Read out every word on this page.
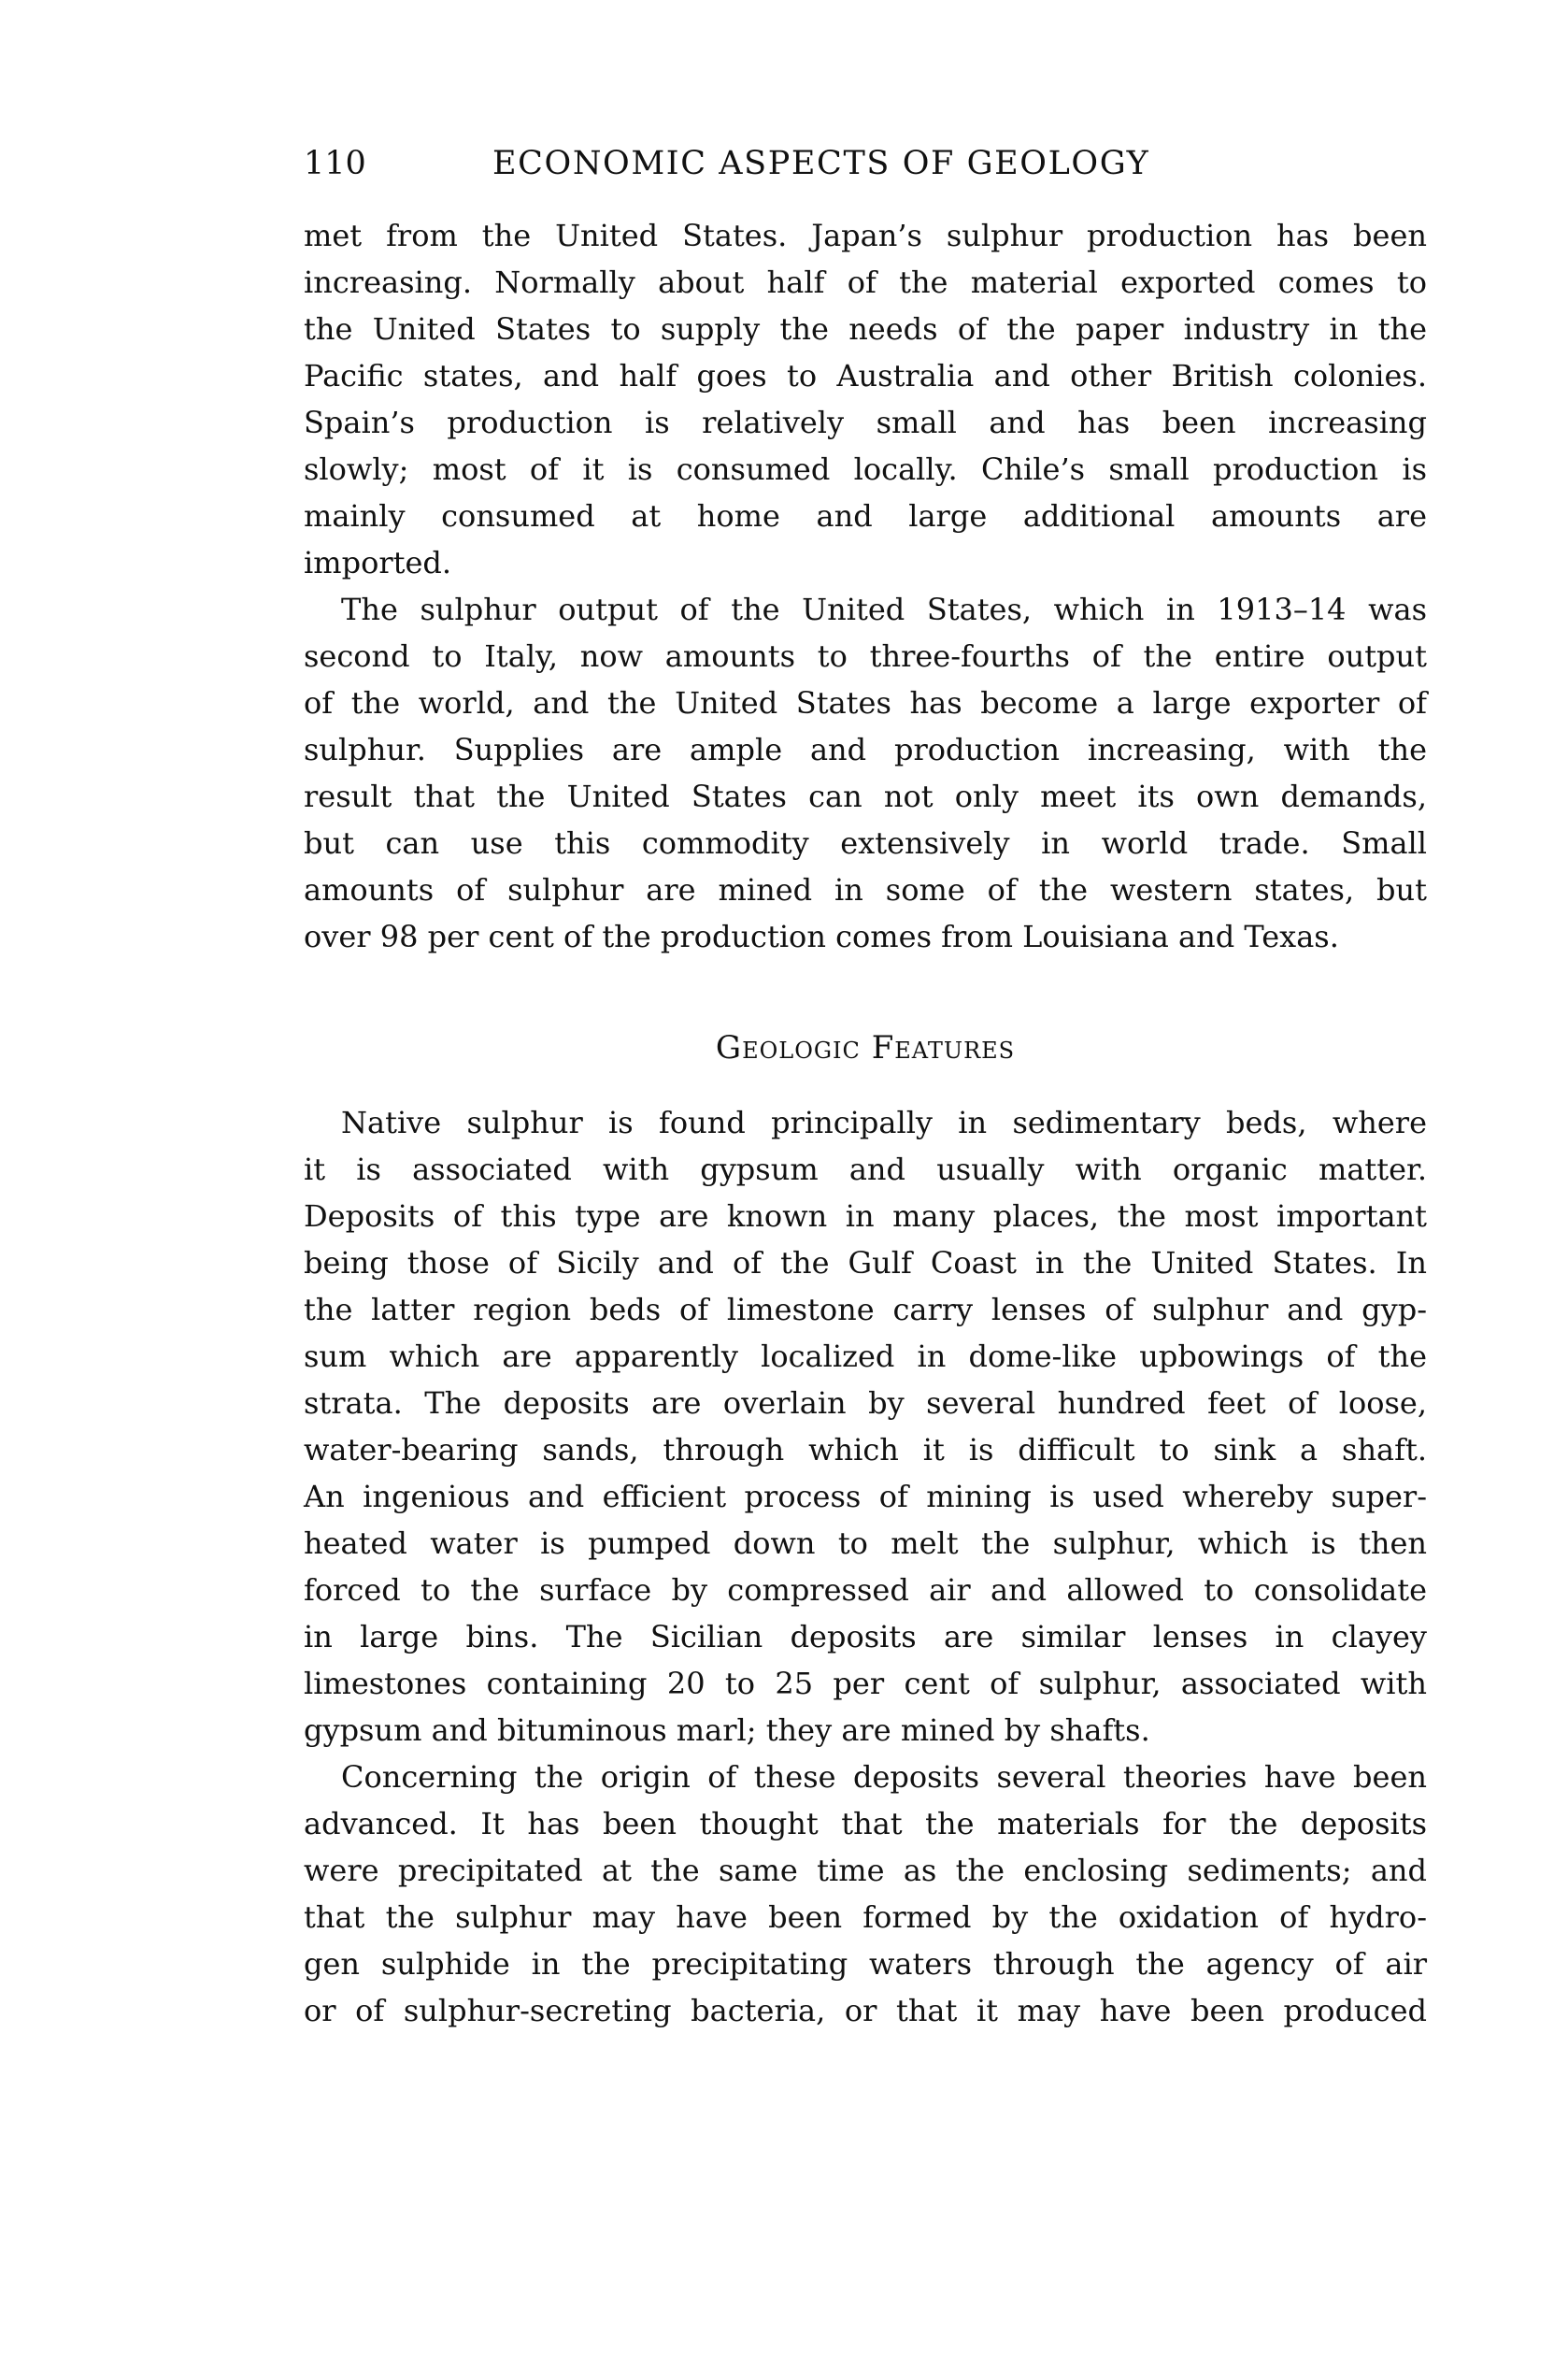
110	ECONOMIC ASPECTS OF GEOLOGY
met from the United States. Japan’s sulphur production has been
increasing. Normally about half of the material exported comes to
the United States to supply the needs of the paper industry in the
Pacific states, and half goes to Australia and other British colonies.
Spain’s production is relatively small and has been increasing
slowly; most of it is consumed locally. Chile’s small production is
mainly consumed at home and large additional amounts are
imported.
The sulphur output of the United States, which in 1913–14 was
second to Italy, now amounts to three-fourths of the entire output
of the world, and the United States has become a large exporter of
sulphur. Supplies are ample and production increasing, with the
result that the United States can not only meet its own demands,
but can use this commodity extensively in world trade. Small
amounts of sulphur are mined in some of the western states, but
over 98 per cent of the production comes from Louisiana and Texas.
Geologic Features
Native sulphur is found principally in sedimentary beds, where
it is associated with gypsum and usually with organic matter.
Deposits of this type are known in many places, the most important
being those of Sicily and of the Gulf Coast in the United States. In
the latter region beds of limestone carry lenses of sulphur and gyp-
sum which are apparently localized in dome-like upbowings of the
strata. The deposits are overlain by several hundred feet of loose,
water-bearing sands, through which it is difficult to sink a shaft.
An ingenious and efficient process of mining is used whereby super-
heated water is pumped down to melt the sulphur, which is then
forced to the surface by compressed air and allowed to consolidate
in large bins. The Sicilian deposits are similar lenses in clayey
limestones containing 20 to 25 per cent of sulphur, associated with
gypsum and bituminous marl; they are mined by shafts.
Concerning the origin of these deposits several theories have been
advanced. It has been thought that the materials for the deposits
were precipitated at the same time as the enclosing sediments; and
that the sulphur may have been formed by the oxidation of hydro-
gen sulphide in the precipitating waters through the agency of air
or of sulphur-secreting bacteria, or that it may have been produced
